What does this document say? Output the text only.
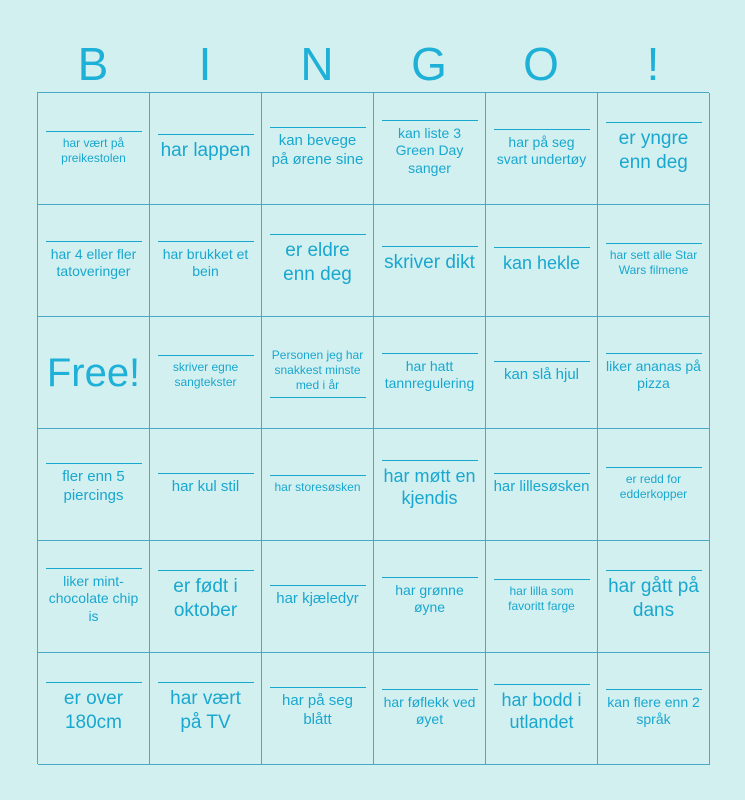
B	I	N	G	O	!
har vært på preikestolen	har lappen	kan bevege på ørene sine
kan liste 3 Green Day sanger
har på seg svart undertøy
er yngre enn deg
har 4 eller fler tatoveringer
har brukket et bein
er eldre enn deg
skriver dikt kan hekle	har sett alle Star Wars filmene
Free!	skriver egne sangtekster
Personen jeg har snakkest minste med i år
har hatt tannregulering
kan slå hjul
liker ananas på pizza
fler enn 5 piercings
har kul stil	har storesøsken
har møtt en kjendis
har lillesøsken	er redd for edderkopper
liker mint-chocolate chip is
er født i oktober
har kjæledyr
har grønne øyne
har lilla som favoritt farge
har gått på dans
er over 180cm
har vært på TV
har på seg blått
har føflekk ved øyet
har bodd i utlandet
kan flere enn 2 språk
